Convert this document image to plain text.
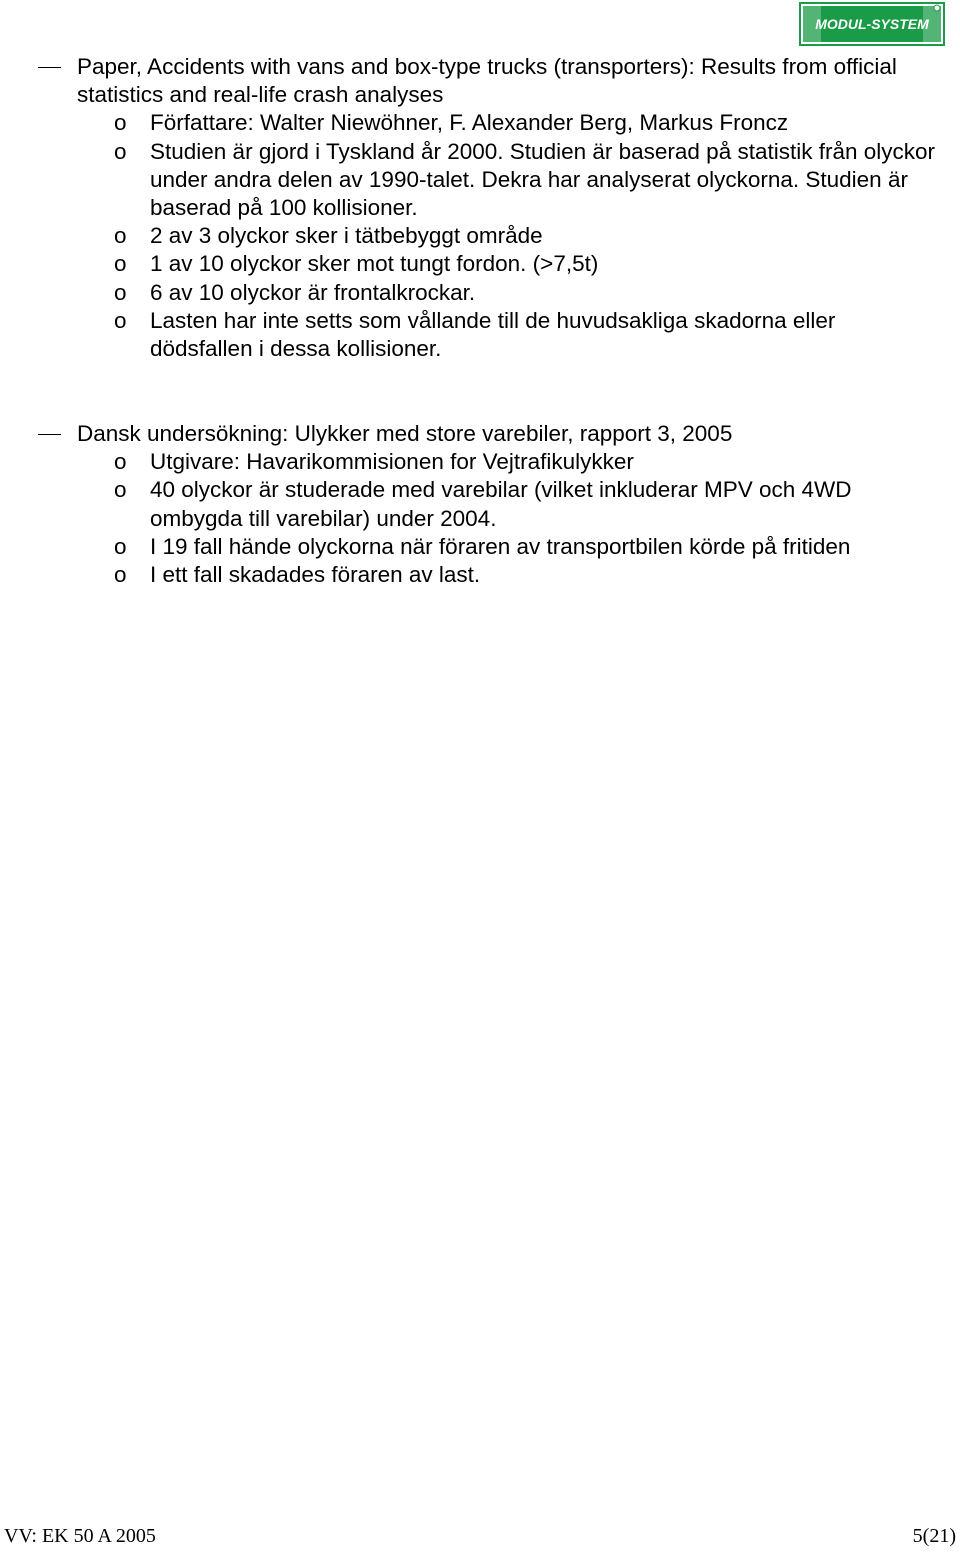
MODUL-SYSTEM
Paper, Accidents with vans and box-type trucks (transporters): Results from official statistics and real-life crash analyses
o Författare: Walter Niewöhner, F. Alexander Berg, Markus Froncz
o Studien är gjord i Tyskland år 2000. Studien är baserad på statistik från olyckor under andra delen av 1990-talet. Dekra har analyserat olyckorna. Studien är baserad på 100 kollisioner.
o 2 av 3 olyckor sker i tätbebyggt område
o 1 av 10 olyckor sker mot tungt fordon. (>7,5t)
o 6 av 10 olyckor är frontalkrockar.
o Lasten har inte setts som vållande till de huvudsakliga skadorna eller dödsfallen i dessa kollisioner.
Dansk undersökning: Ulykker med store varebiler, rapport 3, 2005
o Utgivare: Havarikommisionen for Vejtrafikulykker
o 40 olyckor är studerade med varebilar (vilket inkluderar MPV och 4WD ombygda till varebilar) under 2004.
o I 19 fall hände olyckorna när föraren av transportbilen körde på fritiden
o I ett fall skadades föraren av last.
VV: EK 50 A 2005	5(21)
